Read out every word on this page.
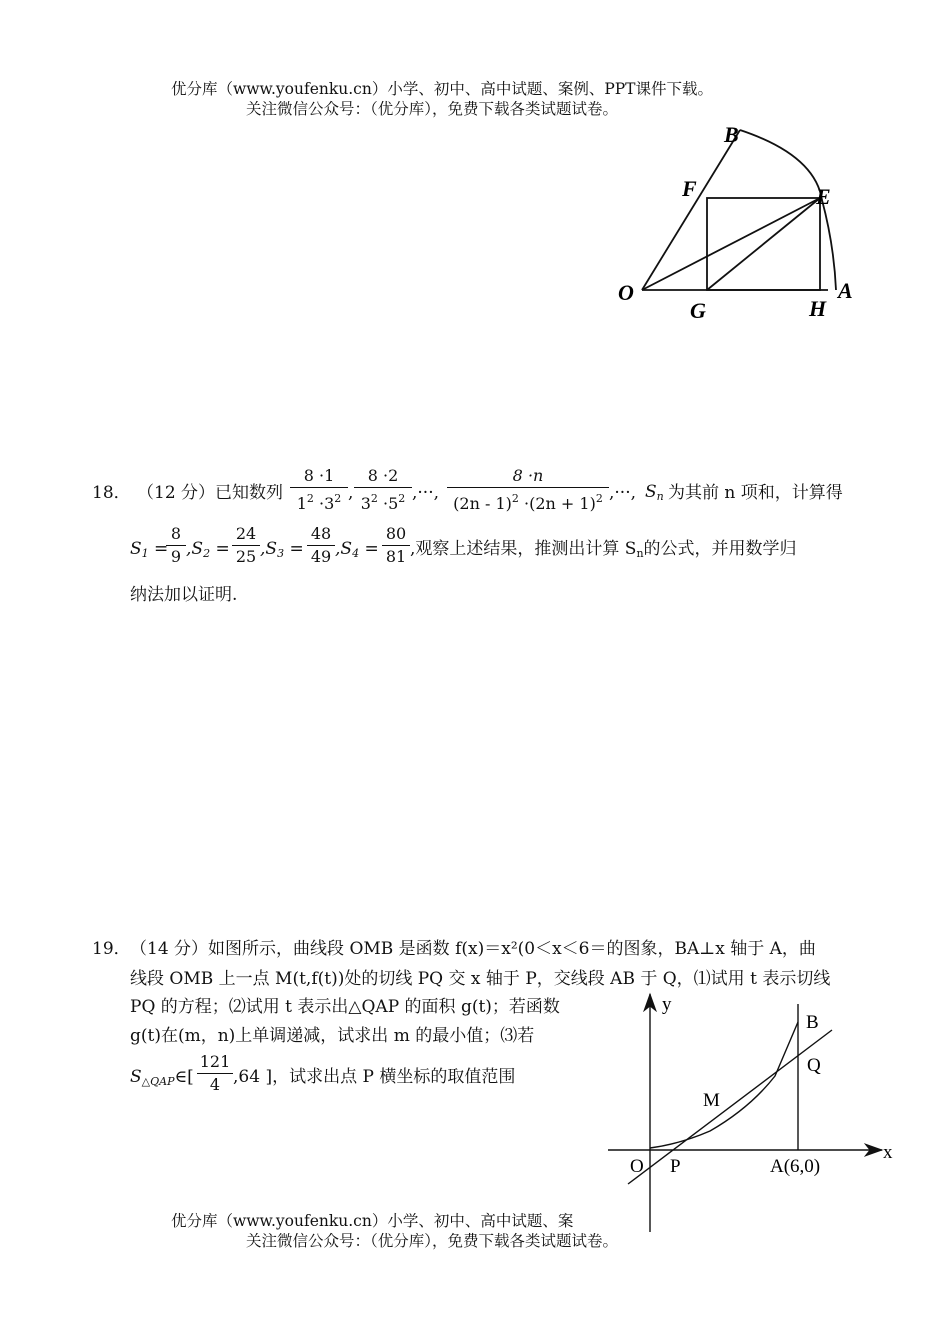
优分库（www.youfenku.cn）小学、初中、高中试题、案例、PPT课件下载。
关注微信公众号：（优分库），免费下载各类试题试卷。
B
F	E
O
G	H
A
18． （12 分）已知数列
8 ·1
$1^2 \cdot 3^2$ ,
8 ·2
$3^2 \cdot 5^2$ ,···,
8 ·n
$(2n - 1)^2 \cdot(2n + 1)^2$ ,···, $S_n$ 为其前 n 项和，计算得
$S_1$ =
8
9 $,S_2$ =
24
25 $,S_3$ =
48
49 $,S_4$ =
80
81 ,观察上述结果，推测出计算 $S_n$的公式，并用数学归
纳法加以证明.
19． （14 分）如图所示，曲线段 OMB 是函数 f(x)＝x²(0＜x＜6＝的图象，BA⊥x 轴于 A，曲
线段 OMB 上一点 M(t,f(t))处的切线 PQ 交 x 轴于 P，交线段 AB 于 Q，⑴试用 t 表示切线
PQ 的方程；⑵试用 t 表示出△QAP 的面积 g(t)；若函数
g(t)在(m，n)上单调递减，试求出 m 的最小值；⑶若
$S_{\triangle QAP}\in$[
121
4 ,64 ]，试求出点 P 横坐标的取值范围
y
x
B
Q
M
O P	A(6,0)
优分库（www.youfenku.cn）小学、初中、高中试题、案
关注微信公众号：（优分库），免费下载各类试题试卷。
